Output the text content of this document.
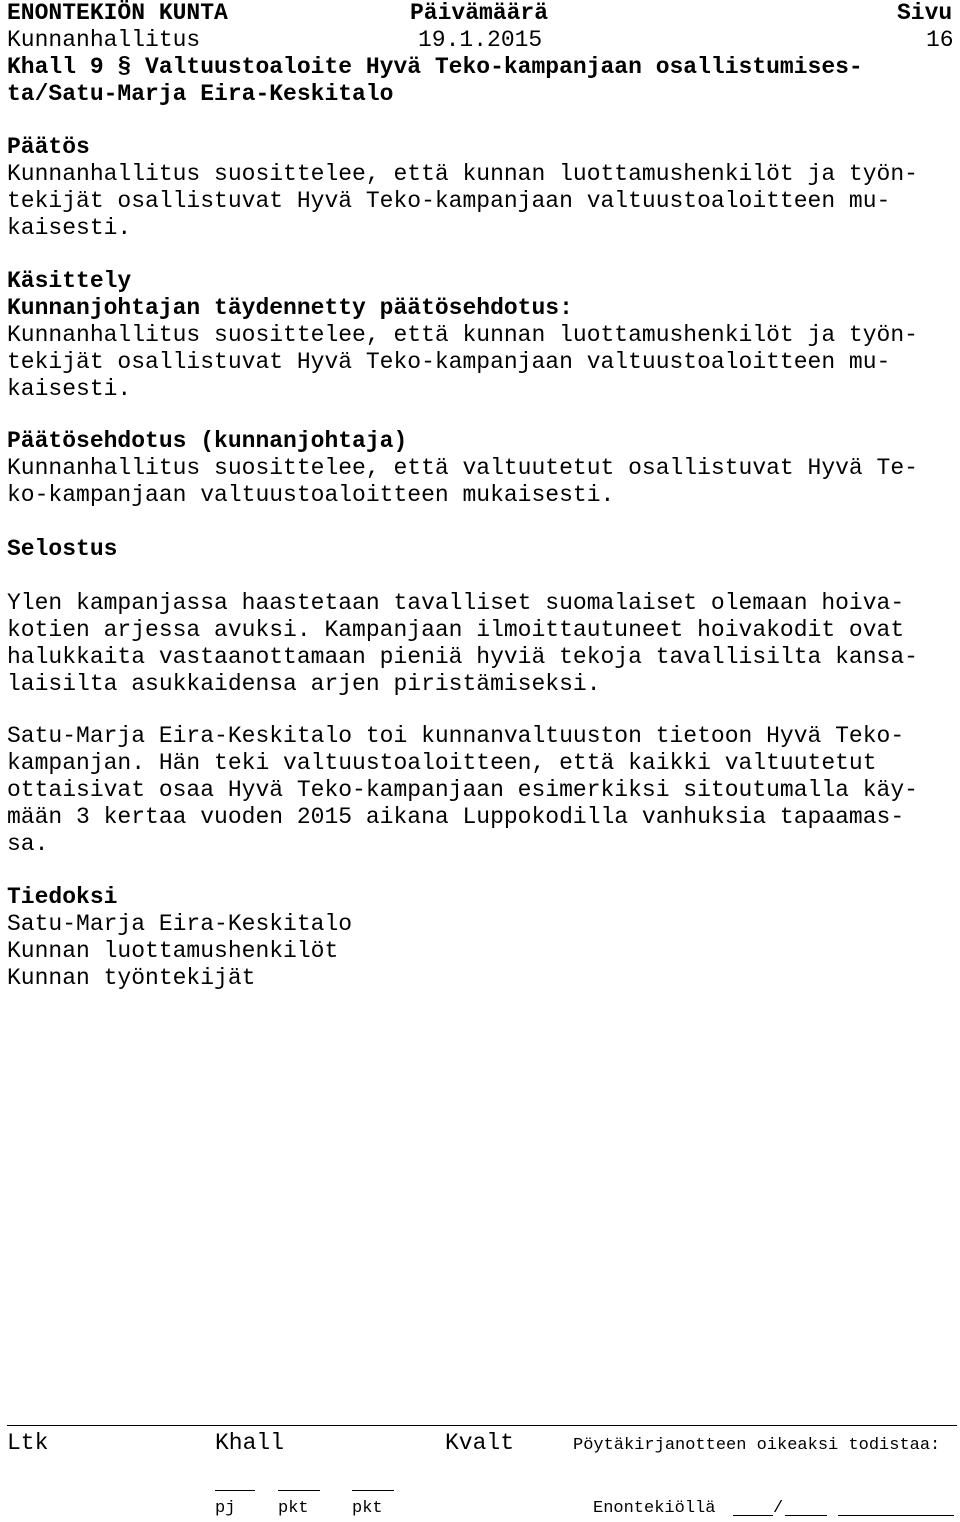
ENONTEKIÖN KUNTA	Päivämäärä	Sivu
Kunnanhallitus	19.1.2015	16
Khall 9 § Valtuustoaloite Hyvä Teko-kampanjaan osallistumises-
ta/Satu-Marja Eira-Keskitalo
Päätös
Kunnanhallitus suosittelee, että kunnan luottamushenkilöt ja työn-
tekijät osallistuvat Hyvä Teko-kampanjaan valtuustoaloitteen mu-
kaisesti.
Käsittely
Kunnanjohtajan täydennetty päätösehdotus:
Kunnanhallitus suosittelee, että kunnan luottamushenkilöt ja työn-
tekijät osallistuvat Hyvä Teko-kampanjaan valtuustoaloitteen mu-
kaisesti.
Päätösehdotus (kunnanjohtaja)
Kunnanhallitus suosittelee, että valtuutetut osallistuvat Hyvä Te-
ko-kampanjaan valtuustoaloitteen mukaisesti.
Selostus
Ylen kampanjassa haastetaan tavalliset suomalaiset olemaan hoiva-
kotien arjessa avuksi. Kampanjaan ilmoittautuneet hoivakodit ovat
halukkaita vastaanottamaan pieniä hyviä tekoja tavallisilta kansa-
laisilta asukkaidensa arjen piristämiseksi.
Satu-Marja Eira-Keskitalo toi kunnanvaltuuston tietoon Hyvä Teko-
kampanjan. Hän teki valtuustoaloitteen, että kaikki valtuutetut
ottaisivat osaa Hyvä Teko-kampanjaan esimerkiksi sitoutumalla käy-
mään 3 kertaa vuoden 2015 aikana Luppokodilla vanhuksia tapaamas-
sa.
Tiedoksi
Satu-Marja Eira-Keskitalo
Kunnan luottamushenkilöt
Kunnan työntekijät
Ltk	Khall	Kvalt	Pöytäkirjanotteen oikeaksi todistaa:
pj	pkt	pkt	Enontekiöllä	/
